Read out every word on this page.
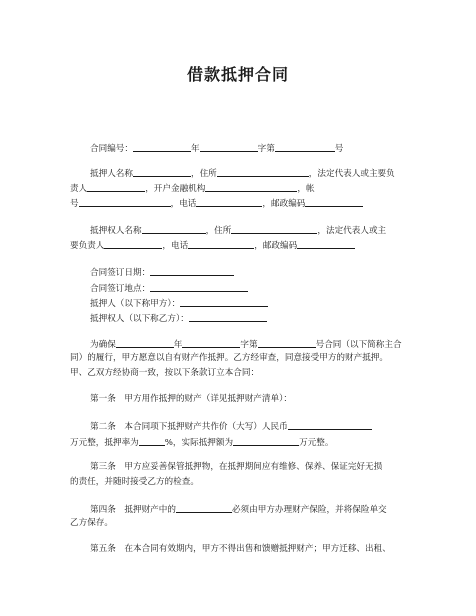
借款抵押合同
合同编号：	年	字第	号
抵押人名称	，住所	，法定代表人或主要负
责人	，开户金融机构	，帐
号	，电话	，邮政编码
抵押权人名称	，住所	，法定代表人或主
要负责人	，电话	，邮政编码
合同签订日期：
合同签订地点：
抵押人（以下称甲方）：
抵押权人（以下称乙方）：
为确保	年	字第	号合同（以下简称主合
同）的履行，甲方愿意以自有财产作抵押。乙方经审查，同意接受甲方的财产抵押。
甲、乙双方经协商一致，按以下条款订立本合同：
第一条　甲方用作抵押的财产（详见抵押财产清单）：
第二条　本合同项下抵押财产共作价（大写）人民币
万元整，抵押率为	%，实际抵押额为	万元整。
第三条　甲方应妥善保管抵押物，在抵押期间应有维修、保养、保证完好无损
的责任，并随时接受乙方的检查。
第四条　抵押财产中的	必须由甲方办理财产保险，并将保险单交
乙方保存。
第五条　在本合同有效期内，甲方不得出售和馈赠抵押财产；甲方迁移、出租、
